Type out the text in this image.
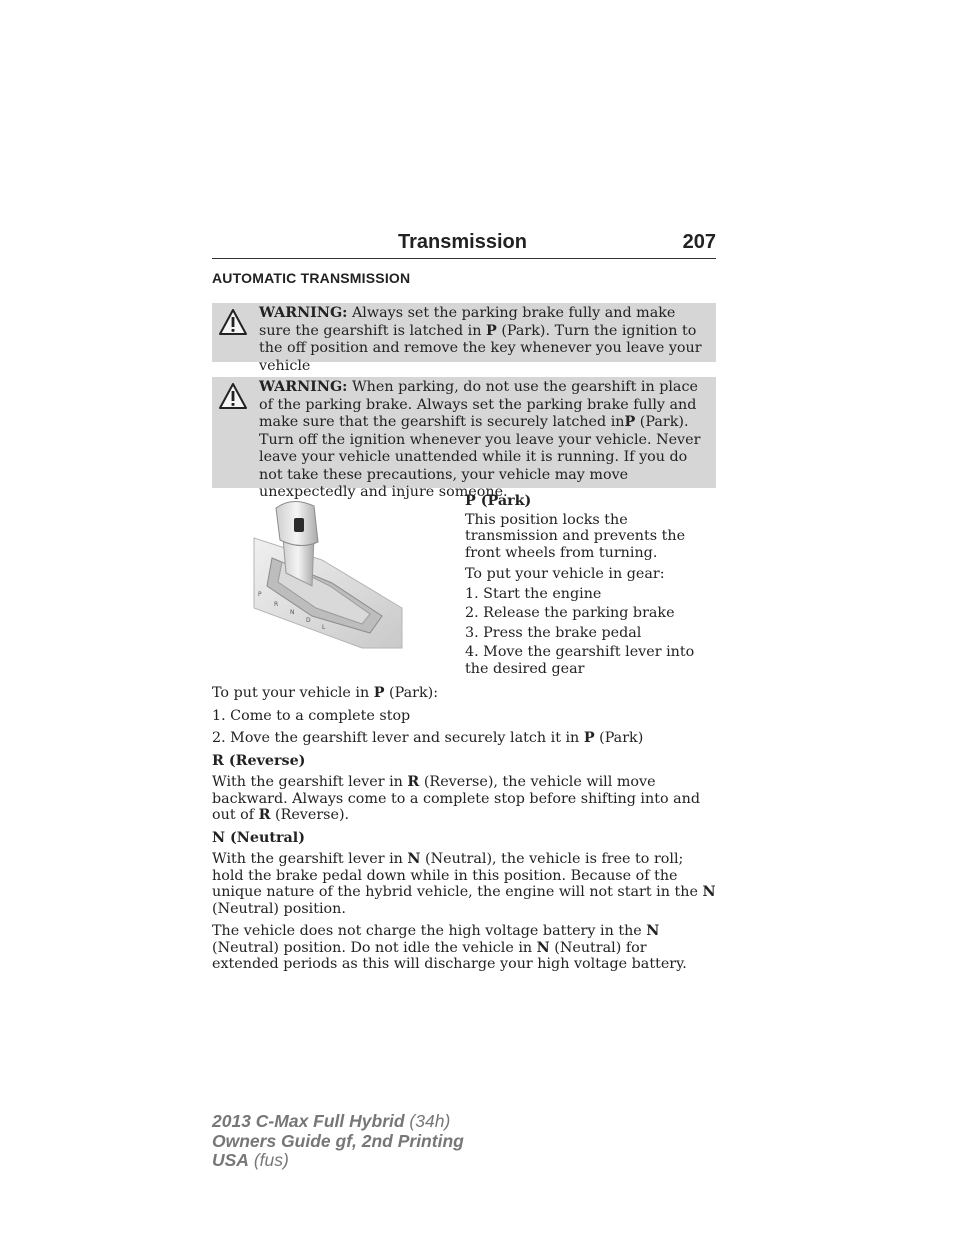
Transmission	207
AUTOMATIC TRANSMISSION
WARNING: Always set the parking brake fully and make sure the gearshift is latched in P (Park). Turn the ignition to the off position and remove the key whenever you leave your vehicle
WARNING: When parking, do not use the gearshift in place of the parking brake. Always set the parking brake fully and make sure that the gearshift is securely latched inP (Park). Turn off the ignition whenever you leave your vehicle. Never leave your vehicle unattended while it is running. If you do not take these precautions, your vehicle may move unexpectedly and injure someone.
P
R
N
D
L

P (Park)

This position locks the transmission and prevents the front wheels from turning.

To put your vehicle in gear:

1. Start the engine

2. Release the parking brake

3. Press the brake pedal

4. Move the gearshift lever into the desired gear

To put your vehicle in P (Park):

1. Come to a complete stop

2. Move the gearshift lever and securely latch it in P (Park)

R (Reverse)

With the gearshift lever in R (Reverse), the vehicle will move backward. Always come to a complete stop before shifting into and out of R (Reverse).

N (Neutral)

With the gearshift lever in N (Neutral), the vehicle is free to roll; hold the brake pedal down while in this position. Because of the unique nature of the hybrid vehicle, the engine will not start in the N (Neutral) position.

The vehicle does not charge the high voltage battery in the N (Neutral) position. Do not idle the vehicle in N (Neutral) for extended periods as this will discharge your high voltage battery.

2013 C-Max Full Hybrid (34h)
Owners Guide gf, 2nd Printing
USA (fus)
